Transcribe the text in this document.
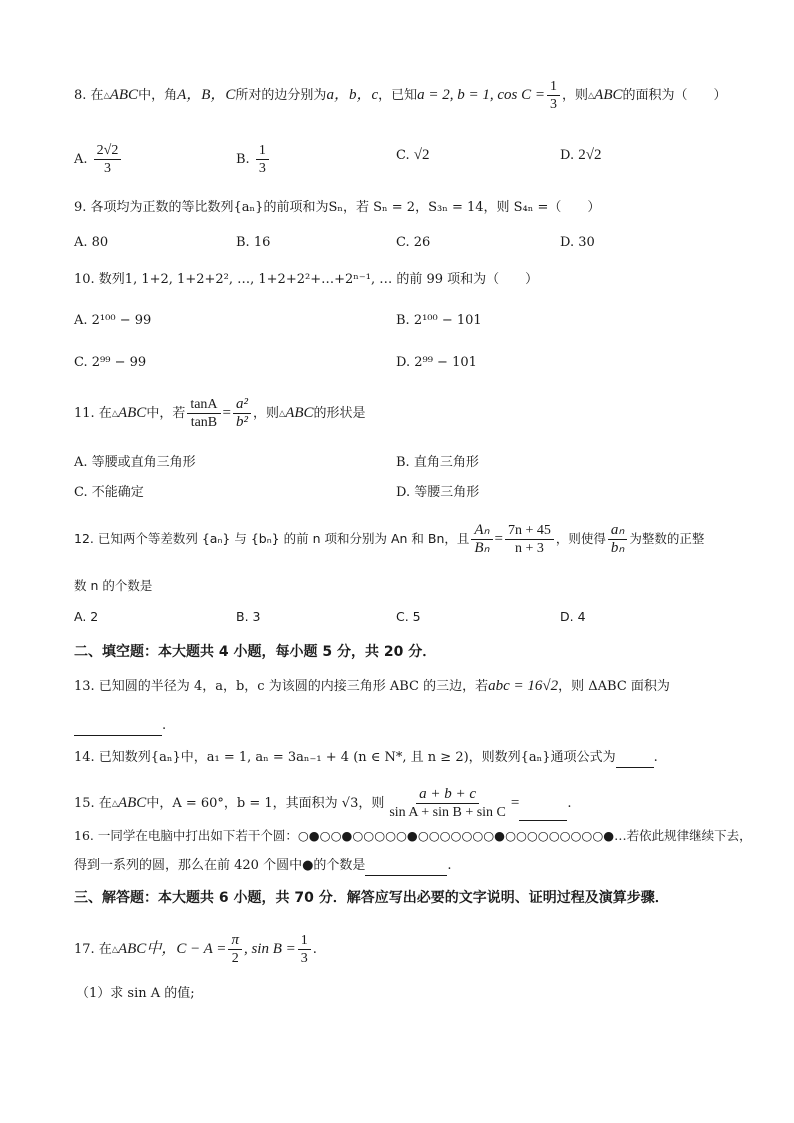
8. 在△ABC中，角A，B，C所对的边分别为a，b，c，已知a = 2, b = 1, $\cos C = \frac{1}{3}$ ，则△ABC的面积为（　　）
A. $\frac{2√2}{3}$	B. $\frac{1}{3}$	C. √2	D. 2√2
9. 各项均为正数的等比数列{aₙ}的前项和为Sₙ，若 Sₙ = 2，S₃ₙ = 14，则 S₄ₙ =（　　）
A. 80	B. 16	C. 26	D. 30
10. 数列1, 1+2, 1+2+2², …, 1+2+2²+…+2ⁿ⁻¹, … 的前 99 项和为（　　）
A. 2¹⁰⁰ − 99	B. 2¹⁰⁰ − 101
C. 2⁹⁹ − 99	D. 2⁹⁹ − 101
11. 在△ABC中，若 $\frac{\tan A}{\tan B} = \frac{\text{a²}}{\text{b²}}$ ，则△ABC的形状是
A. 等腰或直角三角形	B. 直角三角形
C. 不能确定	D. 等腰三角形
12. 已知两个等差数列 {aₙ} 与 {bₙ} 的前 n 项和分别为 An 和 Bn，且 $\frac{\text{Aₙ}}{\text{Bₙ}} = \frac{7n + 45}{n + 3}$ ，则使得 $\frac{\text{aₙ}}{\text{bₙ}}$ 为整数的正整
数 n 的个数是
A. 2	B. 3	C. 5	D. 4
二、填空题：本大题共 4 小题，每小题 5 分，共 20 分．
13. 已知圆的半径为 4，a，b，c 为该圆的内接三角形 ABC 的三边，若abc = 16√2，则 ΔABC 面积为
.
14. 已知数列{aₙ}中，a₁ = 1, aₙ = 3aₙ₋₁ + 4 (n ∈ N*, 且 n ≥ 2)，则数列{aₙ}通项公式为	.
15. 在△ABC中，A = 60°，b = 1，其面积为 √3，则 $\frac{a + b + c}{\text{sin A + sin B + sin C}}$ =	.
16. 一同学在电脑中打出如下若干个圆：○●○○●○○○○○●○○○○○○○●○○○○○○○○○●…若依此规律继续下去，
得到一系列的圆，那么在前 420 个圆中●的个数是	.
三、解答题：本大题共 6 小题，共 70 分．解答应写出必要的文字说明、证明过程及演算步骤．
17. 在△ABC中，$C - A = \frac{\pi}{2}$ , $\sin B = \frac{1}{3}$ .
（1）求 sin A 的值;
